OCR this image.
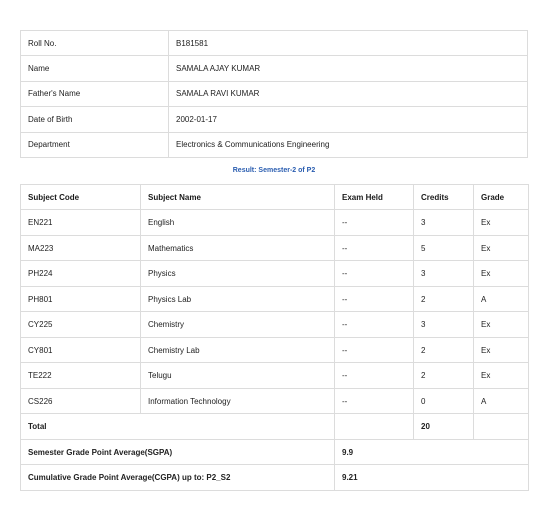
Roll No.	B181581
Name	SAMALA AJAY KUMAR
Father's Name	SAMALA RAVI KUMAR
Date of Birth	2002-01-17
Department	Electronics & Communications Engineering
Result: Semester-2 of P2
Subject Code	Subject Name	Exam Held	Credits	Grade
EN221	English	--	3	Ex
MA223	Mathematics	--	5	Ex
PH224	Physics	--	3	Ex
PH801	Physics Lab	--	2	A
CY225	Chemistry	--	3	Ex
CY801	Chemistry Lab	--	2	Ex
TE222	Telugu	--	2	Ex
CS226	Information Technology	--	0	A
Total			20	
Semester Grade Point Average(SGPA)		9.9		
Cumulative Grade Point Average(CGPA) up to: P2_S2		9.21		
